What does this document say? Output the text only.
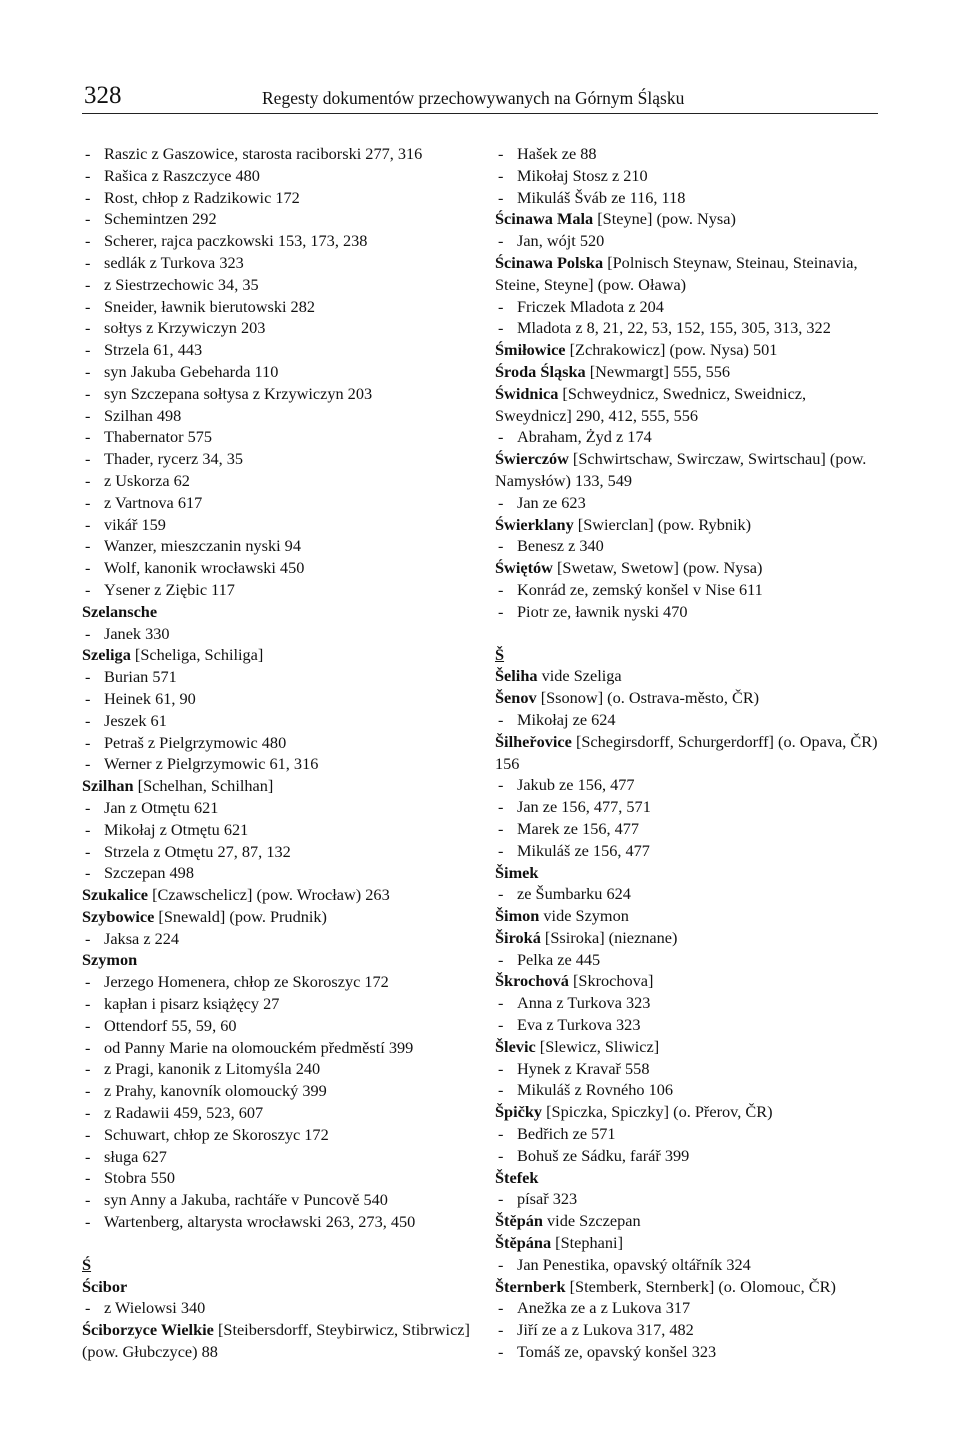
328	Regesty dokumentów przechowywanych na Górnym Śląsku
- Raszic z Gaszowice, starosta raciborski 277, 316
- Rašica z Raszczyce 480
- Rost, chłop z Radzikowic 172
- Schemintzen 292
- Scherer, rajca paczkowski 153, 173, 238
- sedlák z Turkova 323
- z Siestrzechowic 34, 35
- Sneider, ławnik bierutowski 282
- sołtys z Krzywiczyn 203
- Strzela 61, 443
- syn Jakuba Gebeharda 110
- syn Szczepana sołtysa z Krzywiczyn 203
- Szilhan 498
- Thabernator 575
- Thader, rycerz 34, 35
- z Uskorza 62
- z Vartnova 617
- vikář 159
- Wanzer, mieszczanin nyski 94
- Wolf, kanonik wrocławski 450
- Ysener z Ziębic 117
Szelansche
- Janek 330
Szeliga [Scheliga, Schiliga]
- Burian 571
- Heinek 61, 90
- Jeszek 61
- Petraš z Pielgrzymowic 480
- Werner z Pielgrzymowic 61, 316
Szilhan [Schelhan, Schilhan]
- Jan z Otmętu 621
- Mikołaj z Otmętu 621
- Strzela z Otmętu 27, 87, 132
- Szczepan 498
Szukalice [Czawschelicz] (pow. Wrocław) 263
Szybowice [Snewald] (pow. Prudnik)
- Jaksa z 224
Szymon
- Jerzego Homenera, chłop ze Skoroszyc 172
- kapłan i pisarz książęcy 27
- Ottendorf 55, 59, 60
- od Panny Marie na olomouckém předměstí 399
- z Pragi, kanonik z Litomyśla 240
- z Prahy, kanovník olomoucký 399
- z Radawii 459, 523, 607
- Schuwart, chłop ze Skoroszyc 172
- sługa 627
- Stobra 550
- syn Anny a Jakuba, rachtáře v Puncově 540
- Wartenberg, altarysta wrocławski 263, 273, 450
Ś
Ścibor
- z Wielowsi 340
Ściborzyce Wielkie [Steibersdorff, Steybirwicz, Stibrwicz] (pow. Głubczyce) 88
- Hašek ze 88
- Mikołaj Stosz z 210
- Mikuláš Šváb ze 116, 118
Ścinawa Mala [Steyne] (pow. Nysa)
- Jan, wójt 520
Ścinawa Polska [Polnisch Steynaw, Steinau, Steinavia, Steine, Steyne] (pow. Oława)
- Friczek Mladota z 204
- Mladota z 8, 21, 22, 53, 152, 155, 305, 313, 322
Śmiłowice [Zchrakowicz] (pow. Nysa) 501
Środa Śląska [Newmargt] 555, 556
Świdnica [Schweydnicz, Swednicz, Sweidnicz, Sweydnicz] 290, 412, 555, 556
- Abraham, Żyd z 174
Świerczów [Schwirtschaw, Swirczaw, Swirtschau] (pow. Namysłów) 133, 549
- Jan ze 623
Świerklany [Swierclan] (pow. Rybnik)
- Benesz z 340
Świętów [Swetaw, Swetow] (pow. Nysa)
- Konrád ze, zemský konšel v Nise 611
- Piotr ze, ławnik nyski 470
Š
Šeliha vide Szeliga
Šenov [Ssonow] (o. Ostrava-město, ČR)
- Mikołaj ze 624
Šilheřovice [Schegirsdorff, Schurgerdorff] (o. Opava, ČR) 156
- Jakub ze 156, 477
- Jan ze 156, 477, 571
- Marek ze 156, 477
- Mikuláš ze 156, 477
Šimek
- ze Šumbarku 624
Šimon vide Szymon
Široká [Ssiroka] (nieznane)
- Pelka ze 445
Škrochová [Skrochova]
- Anna z Turkova 323
- Eva z Turkova 323
Šlevic [Slewicz, Sliwicz]
- Hynek z Kravař 558
- Mikuláš z Rovného 106
Špičky [Spiczka, Spiczky] (o. Přerov, ČR)
- Bedřich ze 571
- Bohuš ze Sádku, farář 399
Štefek
- písař 323
Štěpán vide Szczepan
Štěpána [Stephani]
- Jan Penestika, opavský oltářník 324
Šternberk [Stemberk, Sternberk] (o. Olomouc, ČR)
- Anežka ze a z Lukova 317
- Jiří ze a z Lukova 317, 482
- Tomáš ze, opavský konšel 323
